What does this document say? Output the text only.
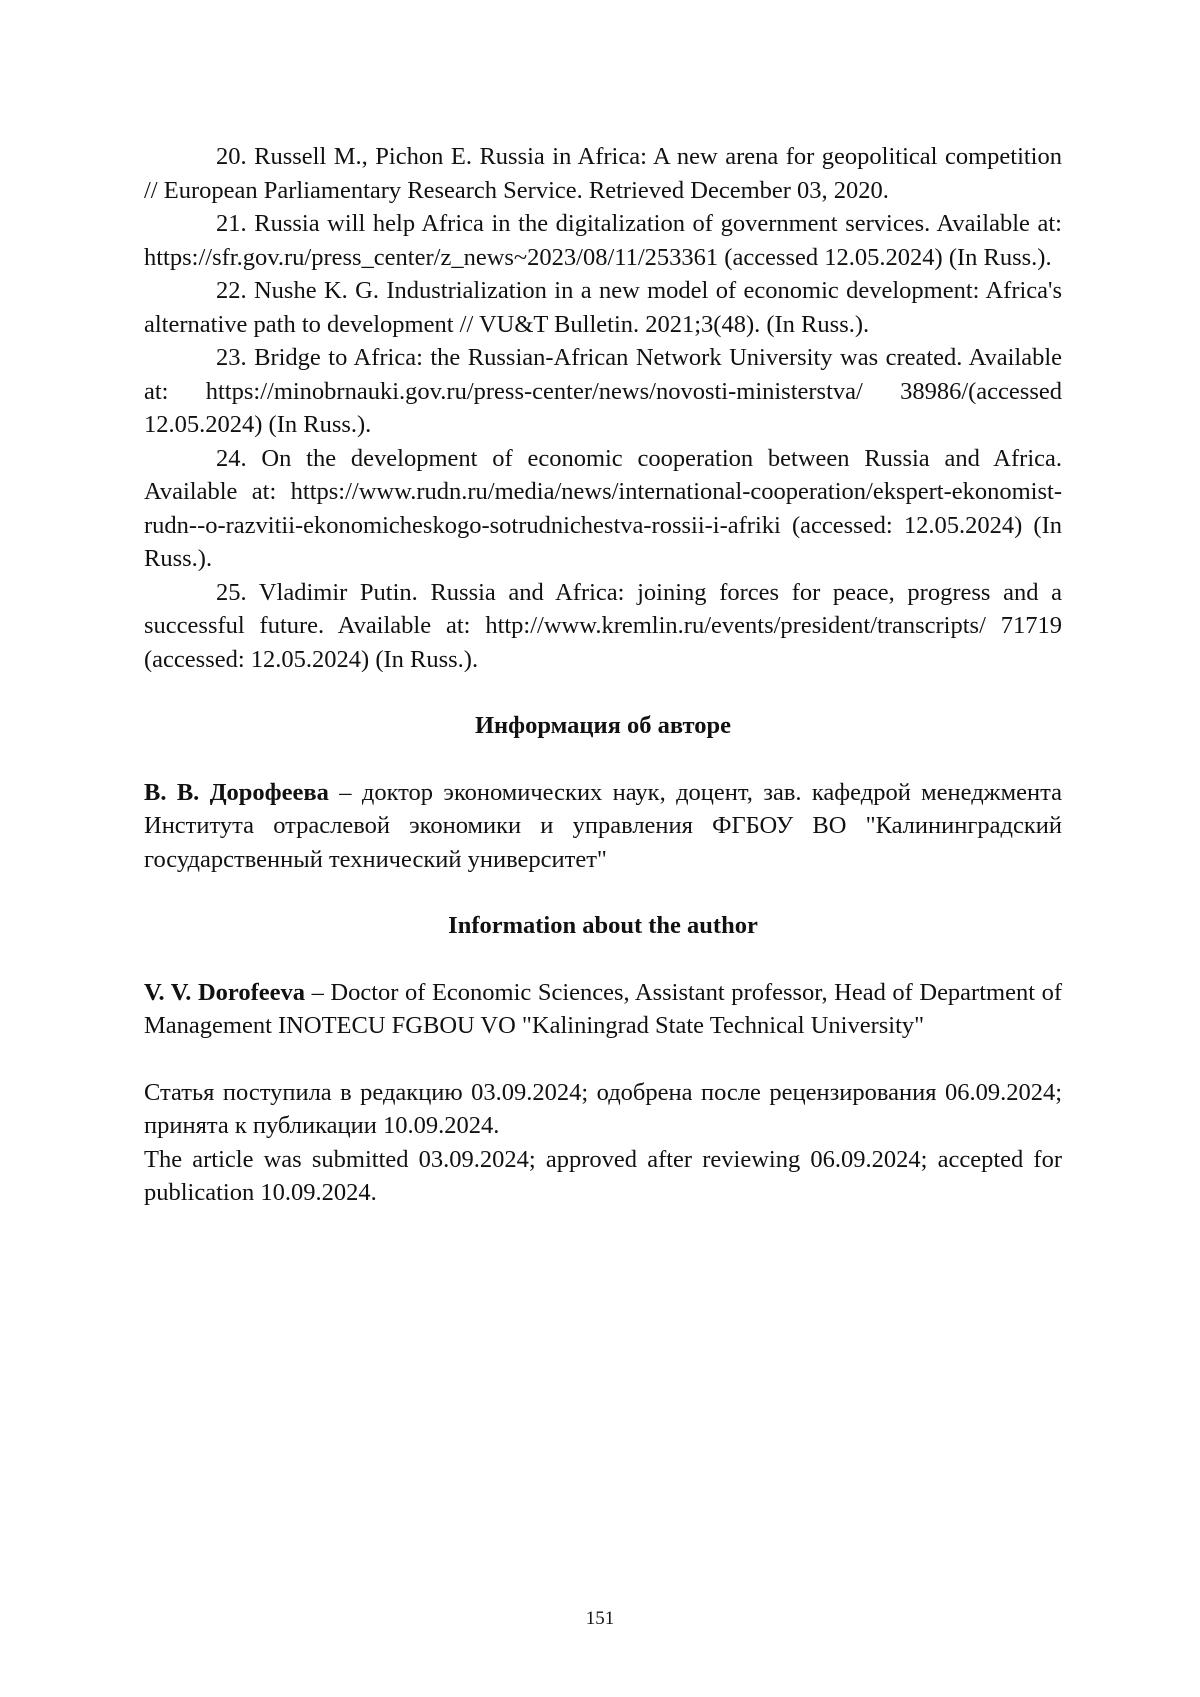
20. Russell M., Pichon E. Russia in Africa: A new arena for geopolitical competition // European Parliamentary Research Service. Retrieved December 03, 2020.

21. Russia will help Africa in the digitalization of government services. Available at: https://sfr.gov.ru/press_center/z_news~2023/08/11/253361 (accessed 12.05.2024) (In Russ.).

22. Nushe K. G. Industrialization in a new model of economic development: Africa's alternative path to development // VU&T Bulletin. 2021;3(48). (In Russ.).

23. Bridge to Africa: the Russian-African Network University was created. Available at: https://minobrnauki.gov.ru/press-center/news/novosti-ministerstva/ 38986/(accessed 12.05.2024) (In Russ.).

24. On the development of economic cooperation between Russia and Africa. Available at: https://www.rudn.ru/media/news/international-cooperation/ekspert-ekonomist-rudn--o-razvitii-ekonomicheskogo-sotrudnichestva-rossii-i-afriki (accessed: 12.05.2024) (In Russ.).

25. Vladimir Putin. Russia and Africa: joining forces for peace, progress and a successful future. Available at: http://www.kremlin.ru/events/president/transcripts/ 71719 (accessed: 12.05.2024) (In Russ.).

Информация об авторе

В. В. Дорофеева – доктор экономических наук, доцент, зав. кафедрой менеджмента Института отраслевой экономики и управления ФГБОУ ВО "Калининградский государственный технический университет"

Information about the author

V. V. Dorofeeva – Doctor of Economic Sciences, Assistant professor, Head of Department of Management INOTECU FGBOU VO "Kaliningrad State Technical University"

Статья поступила в редакцию 03.09.2024; одобрена после рецензирования 06.09.2024; принята к публикации 10.09.2024.

The article was submitted 03.09.2024; approved after reviewing 06.09.2024; accepted for publication 10.09.2024.

151
